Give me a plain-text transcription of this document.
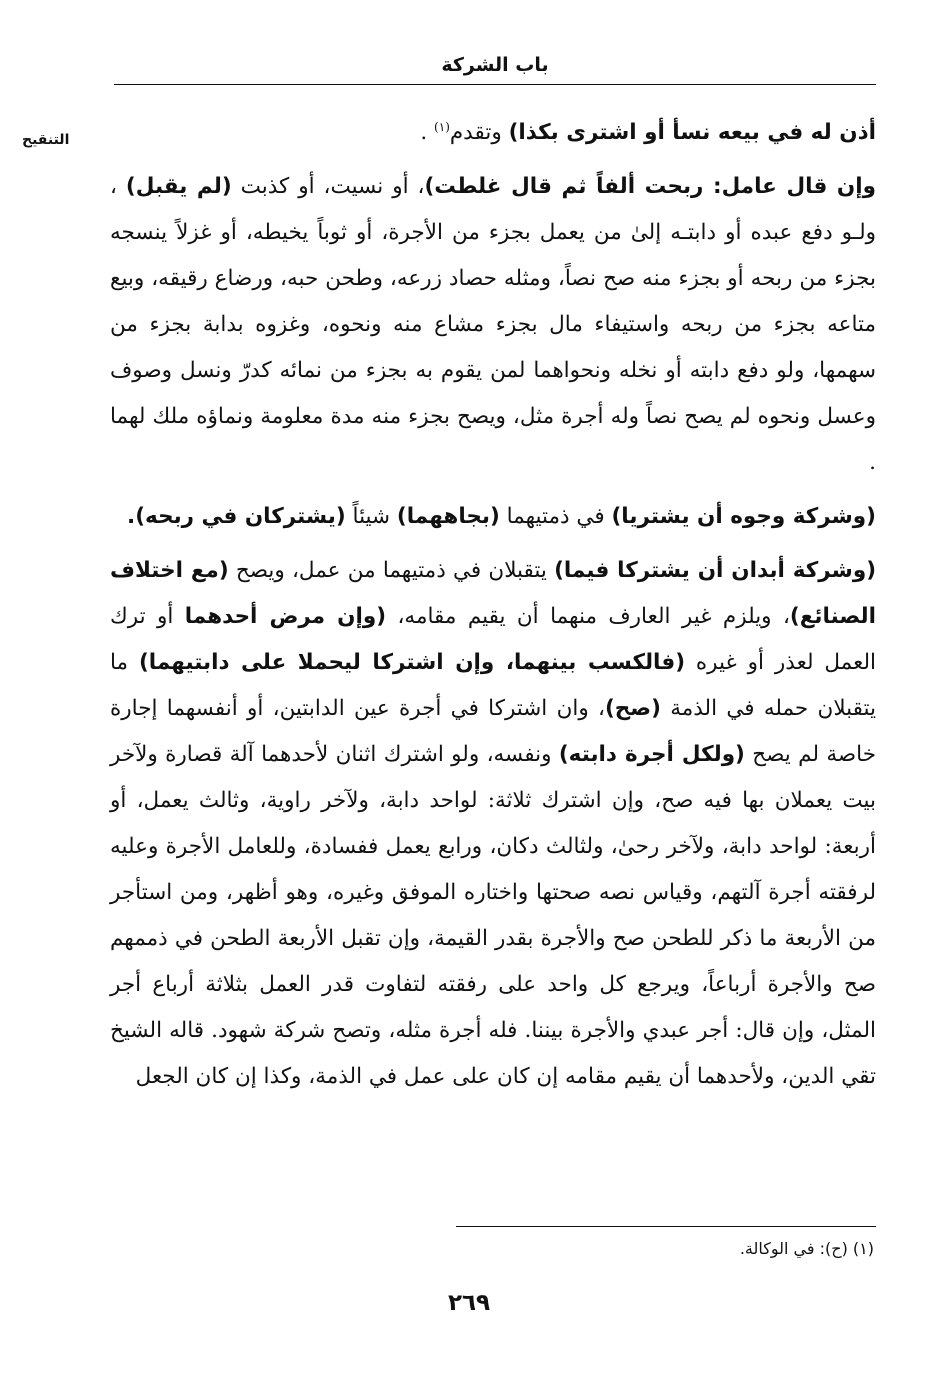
باب الشركة
التنقيح	أذن له في بيعه نسأ أو اشترى بكذا) وتقدم$^{(١)}$ .

وإن قال عامل: ربحت ألفاً ثم قال غلطت)، أو نسيت، أو كذبت (لم يقبل) ، ولـو دفع عبده أو دابتـه إلىٰ من يعمل بجزء من الأجرة، أو ثوباً يخيطه، أو غزلاً ينسجه بجزء من ربحه أو بجزء منه صح نصاً، ومثله حصاد زرعه، وطحن حبه، ورضاع رقيقه، وبيع متاعه بجزء من ربحه واستيفاء مال بجزء مشاع منه ونحوه، وغزوه بدابة بجزء من سهمها، ولو دفع دابته أو نخله ونحواهما لمن يقوم به بجزء من نمائه كدرّ ونسل وصوف وعسل ونحوه لم يصح نصاً وله أجرة مثل، ويصح بجزء منه مدة معلومة ونماؤه ملك لهما .

(وشركة وجوه أن يشتريا) في ذمتيهما (بجاههما) شيئاً (يشتركان في ربحه).

(وشركة أبدان أن يشتركا فيما) يتقبلان في ذمتيهما من عمل، ويصح (مع اختلاف الصنائع)، ويلزم غير العارف منهما أن يقيم مقامه، (وإن مرض أحدهما أو ترك العمل لعذر أو غيره (فالكسب بينهما، وإن اشتركا ليحملا على دابتيهما) ما يتقبلان حمله في الذمة (صح)، وان اشتركا في أجرة عين الدابتين، أو أنفسهما إجارة خاصة لم يصح (ولكل أجرة دابته) ونفسه، ولو اشترك اثنان لأحدهما آلة قصارة ولآخر بيت يعملان بها فيه صح، وإن اشترك ثلاثة: لواحد دابة، ولآخر راوية، وثالث يعمل، أو أربعة: لواحد دابة، ولآخر رحىٰ، ولثالث دكان، ورابع يعمل ففسادة، وللعامل الأجرة وعليه لرفقته أجرة آلتهم، وقياس نصه صحتها واختاره الموفق وغيره، وهو أظهر، ومن استأجر من الأربعة ما ذكر للطحن صح والأجرة بقدر القيمة، وإن تقبل الأربعة الطحن في ذممهم صح والأجرة أرباعاً، ويرجع كل واحد على رفقته لتفاوت قدر العمل بثلاثة أرباع أجر المثل، وإن قال: أجر عبدي والأجرة بيننا. فله أجرة مثله، وتصح شركة شهود. قاله الشيخ تقي الدين، ولأحدهما أن يقيم مقامه إن كان على عمل في الذمة، وكذا إن كان الجعل

(١) (ح): في الوكالة.
٢٦٩
